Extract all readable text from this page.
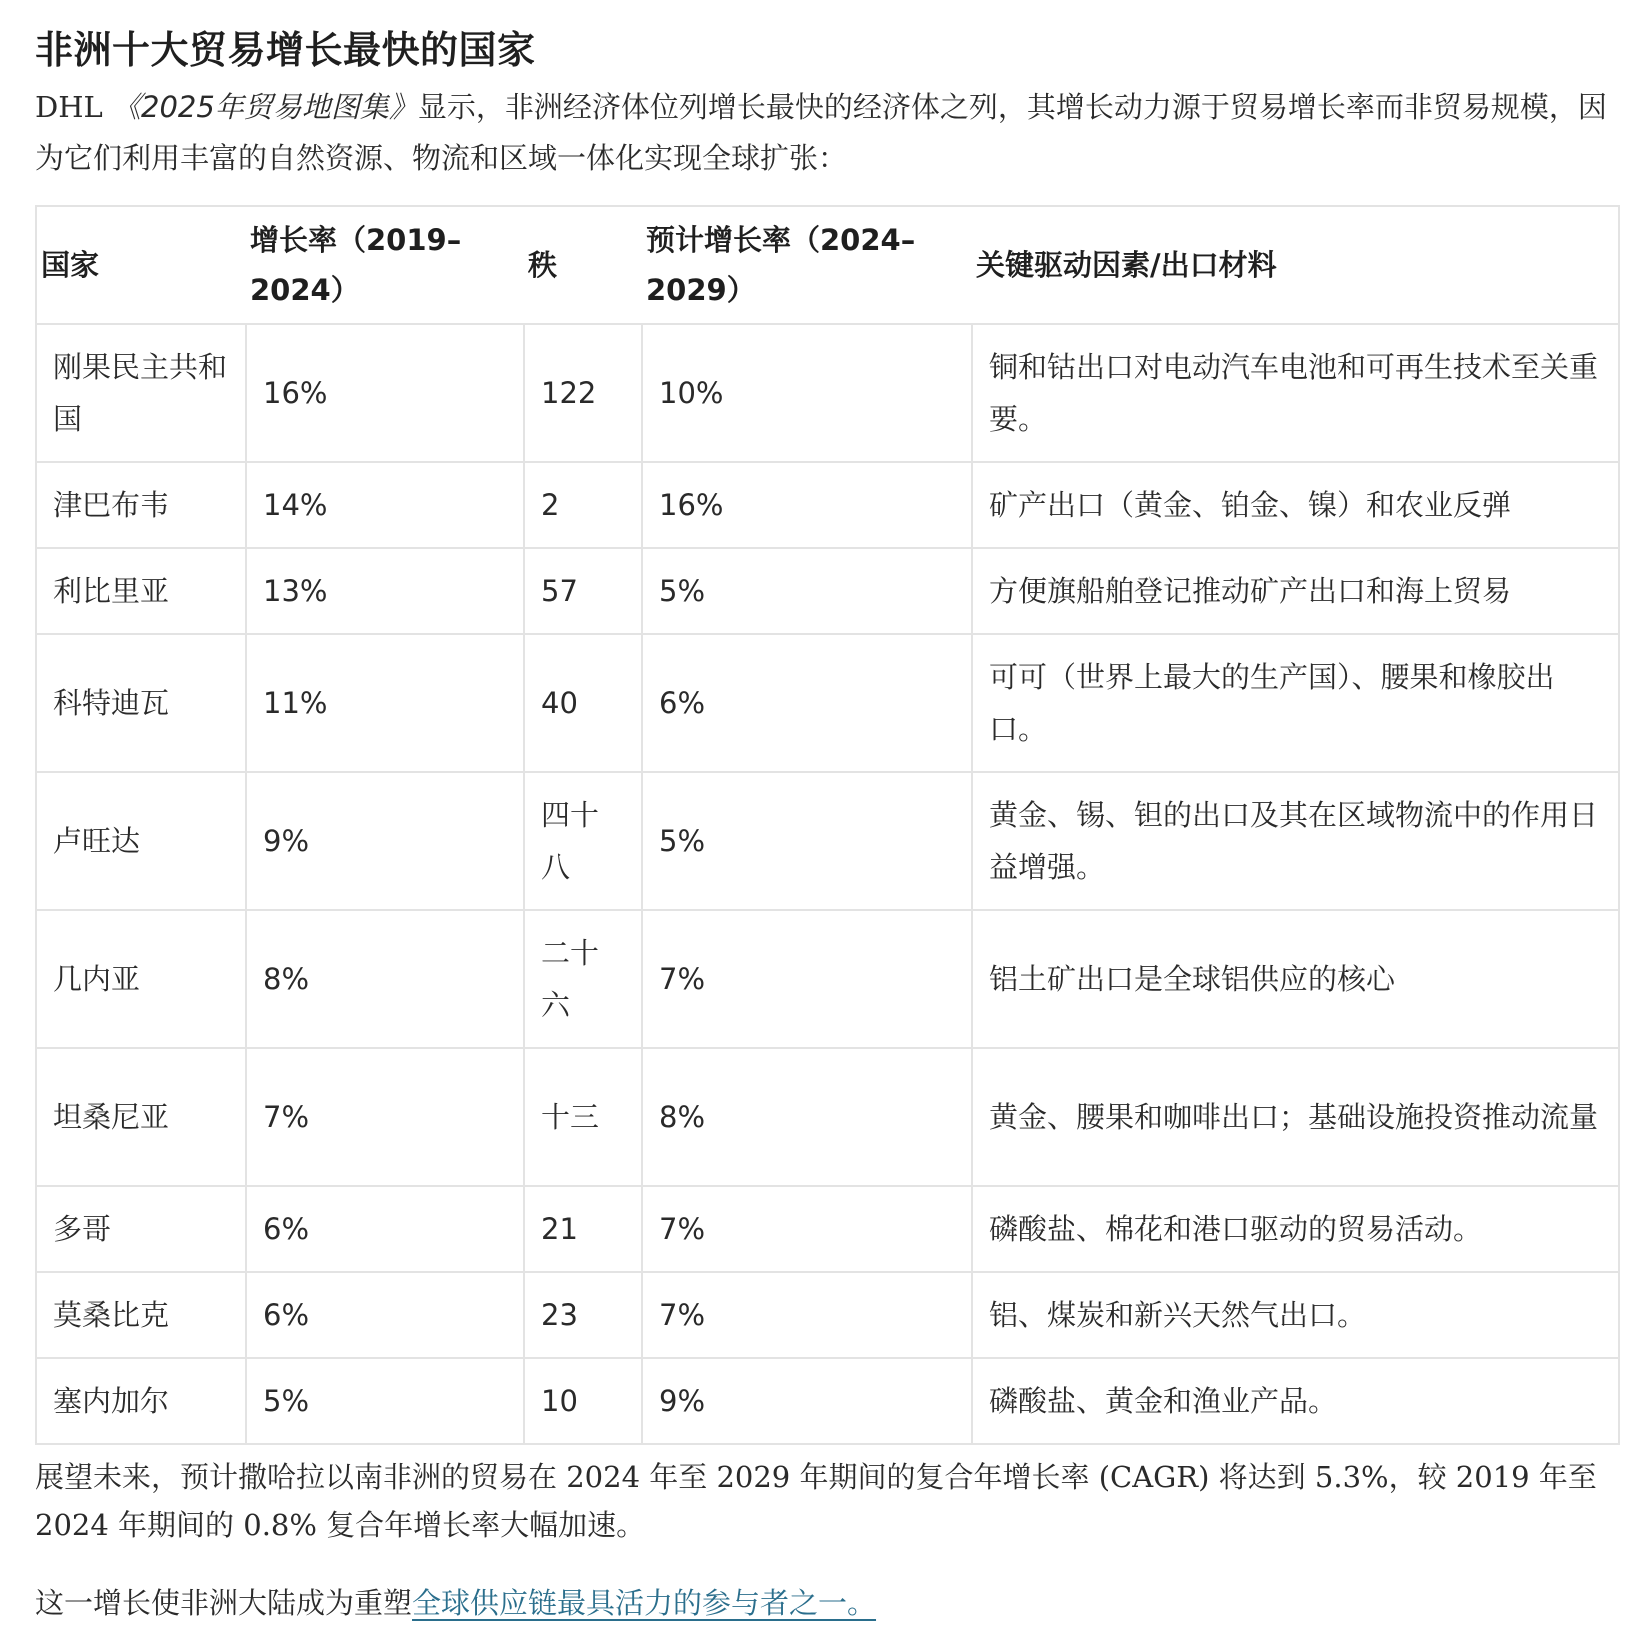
非洲十大贸易增长最快的国家

DHL 《2025年贸易地图集》显示，非洲经济体位列增长最快的经济体之列，其增长动力源于贸易增长率而非贸易规模，因为它们利用丰富的自然资源、物流和区域一体化实现全球扩张：

国家	增长率（2019–2024）	秩	预计增长率（2024–2029）	关键驱动因素/出口材料
刚果民主共和国	16%	122	10%	铜和钴出口对电动汽车电池和可再生技术至关重要。
津巴布韦	14%	2	16%	矿产出口（黄金、铂金、镍）和农业反弹
利比里亚	13%	57	5%	方便旗船舶登记推动矿产出口和海上贸易
科特迪瓦	11%	40	6%	可可（世界上最大的生产国）、腰果和橡胶出口。
卢旺达	9%	四十八	5%	黄金、锡、钽的出口及其在区域物流中的作用日益增强。
几内亚	8%	二十六	7%	铝土矿出口是全球铝供应的核心
坦桑尼亚	7%	十三	8%	黄金、腰果和咖啡出口；基础设施投资推动流量
多哥	6%	21	7%	磷酸盐、棉花和港口驱动的贸易活动。
莫桑比克	6%	23	7%	铝、煤炭和新兴天然气出口。
塞内加尔	5%	10	9%	磷酸盐、黄金和渔业产品。

展望未来，预计撒哈拉以南非洲的贸易在 2024 年至 2029 年期间的复合年增长率 (CAGR) 将达到 5.3%，较 2019 年至 2024 年期间的 0.8% 复合年增长率大幅加速。

这一增长使非洲大陆成为重塑全球供应链最具活力的参与者之一。
